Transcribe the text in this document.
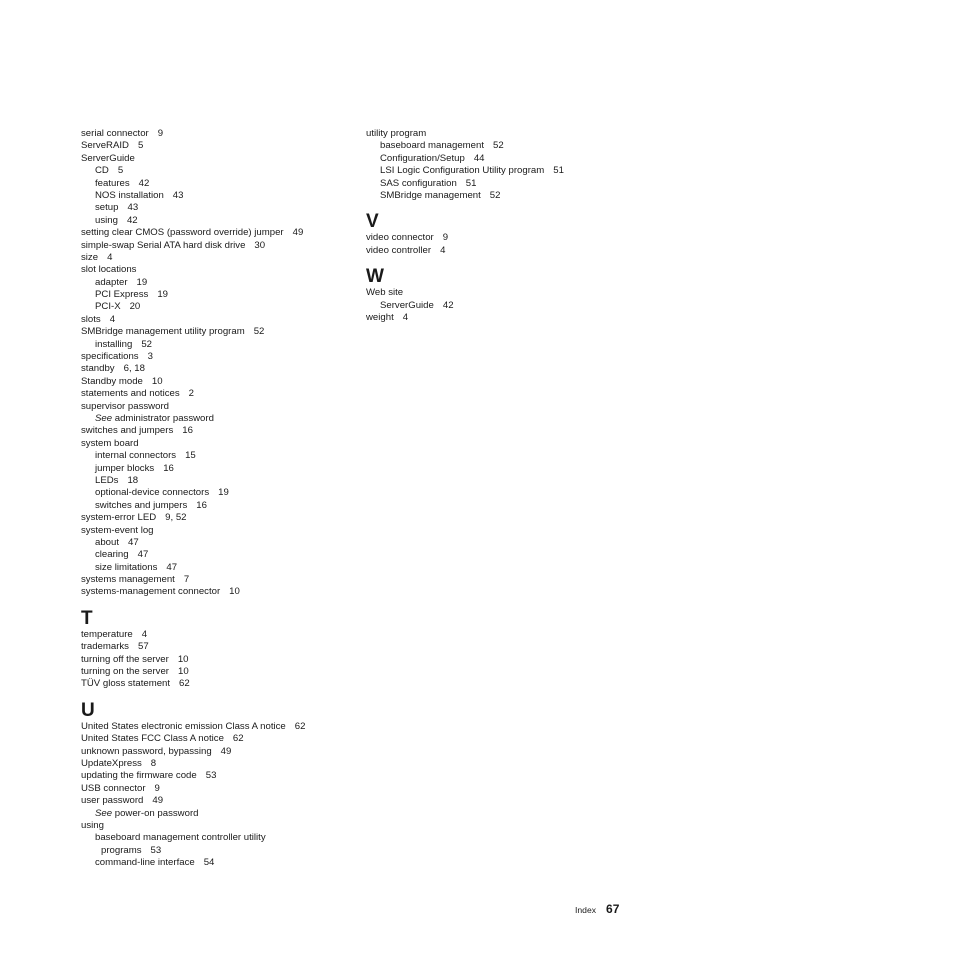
serial connector 9
ServeRAID 5
ServerGuide
CD 5
features 42
NOS installation 43
setup 43
using 42
setting clear CMOS (password override) jumper 49
simple-swap Serial ATA hard disk drive 30
size 4
slot locations
adapter 19
PCI Express 19
PCI-X 20
slots 4
SMBridge management utility program 52
installing 52
specifications 3
standby 6, 18
Standby mode 10
statements and notices 2
supervisor password
See administrator password
switches and jumpers 16
system board
internal connectors 15
jumper blocks 16
LEDs 18
optional-device connectors 19
switches and jumpers 16
system-error LED 9, 52
system-event log
about 47
clearing 47
size limitations 47
systems management 7
systems-management connector 10
T
temperature 4
trademarks 57
turning off the server 10
turning on the server 10
TÜV gloss statement 62
U
United States electronic emission Class A notice 62
United States FCC Class A notice 62
unknown password, bypassing 49
UpdateXpress 8
updating the firmware code 53
USB connector 9
user password 49
See power-on password
using
baseboard management controller utility
programs 53
command-line interface 54
utility program
baseboard management 52
Configuration/Setup 44
LSI Logic Configuration Utility program 51
SAS configuration 51
SMBridge management 52
V
video connector 9
video controller 4
W
Web site
ServerGuide 42
weight 4
Index 67
